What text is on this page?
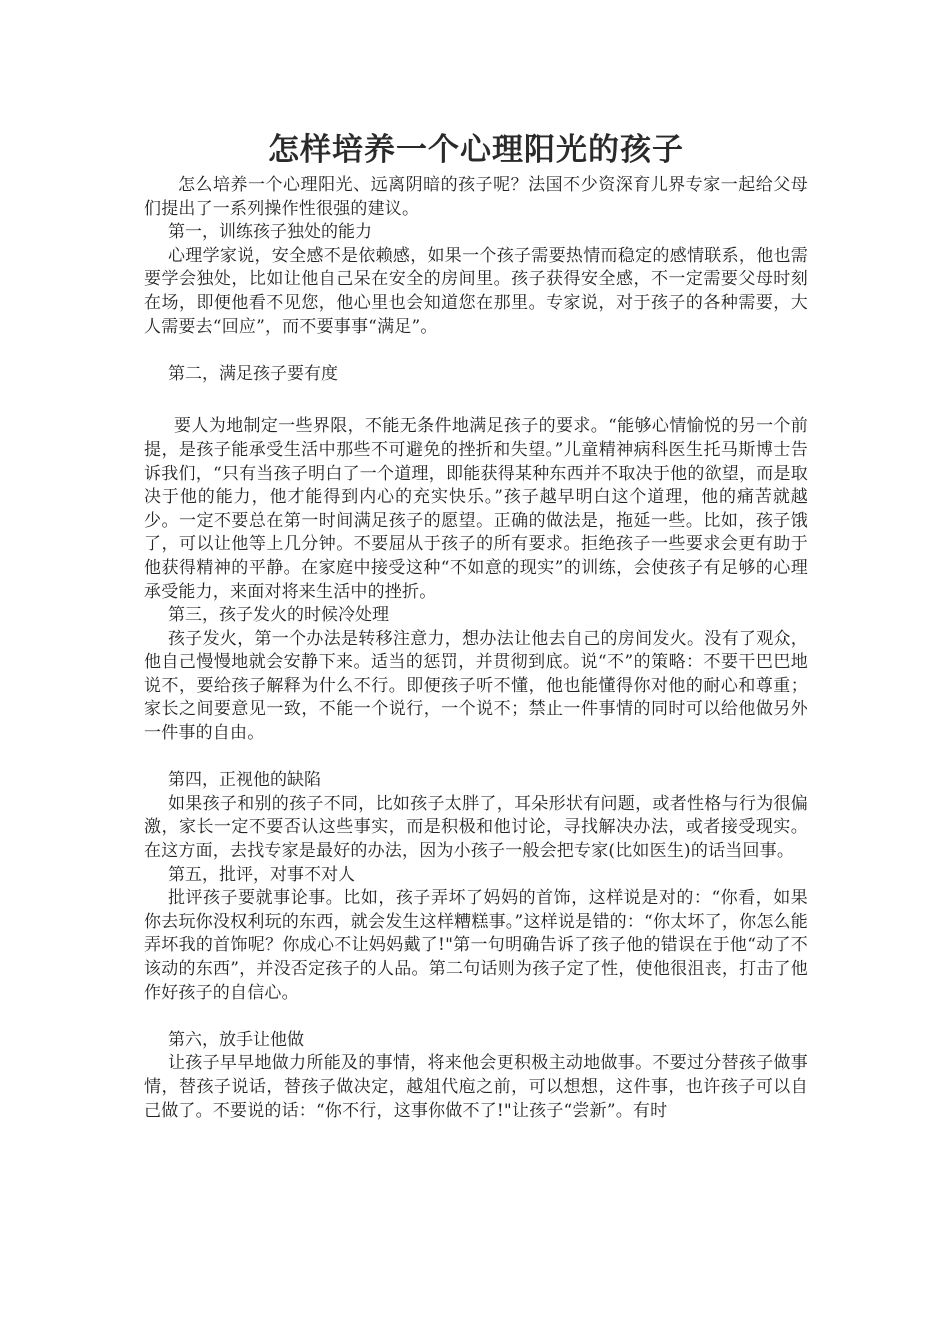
怎样培养一个心理阳光的孩子

怎么培养一个心理阳光、远离阴暗的孩子呢？法国不少资深育儿界专家一起给父母们提出了一系列操作性很强的建议。

第一，训练孩子独处的能力

心理学家说，安全感不是依赖感，如果一个孩子需要热情而稳定的感情联系，他也需要学会独处，比如让他自己呆在安全的房间里。孩子获得安全感，不一定需要父母时刻在场，即便他看不见您，他心里也会知道您在那里。专家说，对于孩子的各种需要，大人需要去“回应”，而不要事事“满足”。

第二，满足孩子要有度

要人为地制定一些界限，不能无条件地满足孩子的要求。“能够心情愉悦的另一个前提，是孩子能承受生活中那些不可避免的挫折和失望。”儿童精神病科医生托马斯博士告诉我们，“只有当孩子明白了一个道理，即能获得某种东西并不取决于他的欲望，而是取决于他的能力，他才能得到内心的充实快乐。”孩子越早明白这个道理，他的痛苦就越少。一定不要总在第一时间满足孩子的愿望。正确的做法是，拖延一些。比如，孩子饿了，可以让他等上几分钟。不要屈从于孩子的所有要求。拒绝孩子一些要求会更有助于他获得精神的平静。在家庭中接受这种“不如意的现实”的训练，会使孩子有足够的心理承受能力，来面对将来生活中的挫折。

第三，孩子发火的时候冷处理

孩子发火，第一个办法是转移注意力，想办法让他去自己的房间发火。没有了观众，他自己慢慢地就会安静下来。适当的惩罚，并贯彻到底。说“不”的策略：不要干巴巴地说不，要给孩子解释为什么不行。即便孩子听不懂，他也能懂得你对他的耐心和尊重；家长之间要意见一致，不能一个说行，一个说不；禁止一件事情的同时可以给他做另外一件事的自由。

第四，正视他的缺陷

如果孩子和别的孩子不同，比如孩子太胖了，耳朵形状有问题，或者性格与行为很偏激，家长一定不要否认这些事实，而是积极和他讨论，寻找解决办法，或者接受现实。在这方面，去找专家是最好的办法，因为小孩子一般会把专家(比如医生)的话当回事。

第五，批评，对事不对人

批评孩子要就事论事。比如，孩子弄坏了妈妈的首饰，这样说是对的：“你看，如果你去玩你没权利玩的东西，就会发生这样糟糕事。”这样说是错的：“你太坏了，你怎么能弄坏我的首饰呢？你成心不让妈妈戴了!"第一句明确告诉了孩子他的错误在于他“动了不该动的东西”，并没否定孩子的人品。第二句话则为孩子定了性，使他很沮丧，打击了他作好孩子的自信心。

第六，放手让他做

让孩子早早地做力所能及的事情，将来他会更积极主动地做事。不要过分替孩子做事情，替孩子说话，替孩子做决定，越俎代庖之前，可以想想，这件事，也许孩子可以自己做了。不要说的话：“你不行，这事你做不了!"让孩子“尝新”。有时
